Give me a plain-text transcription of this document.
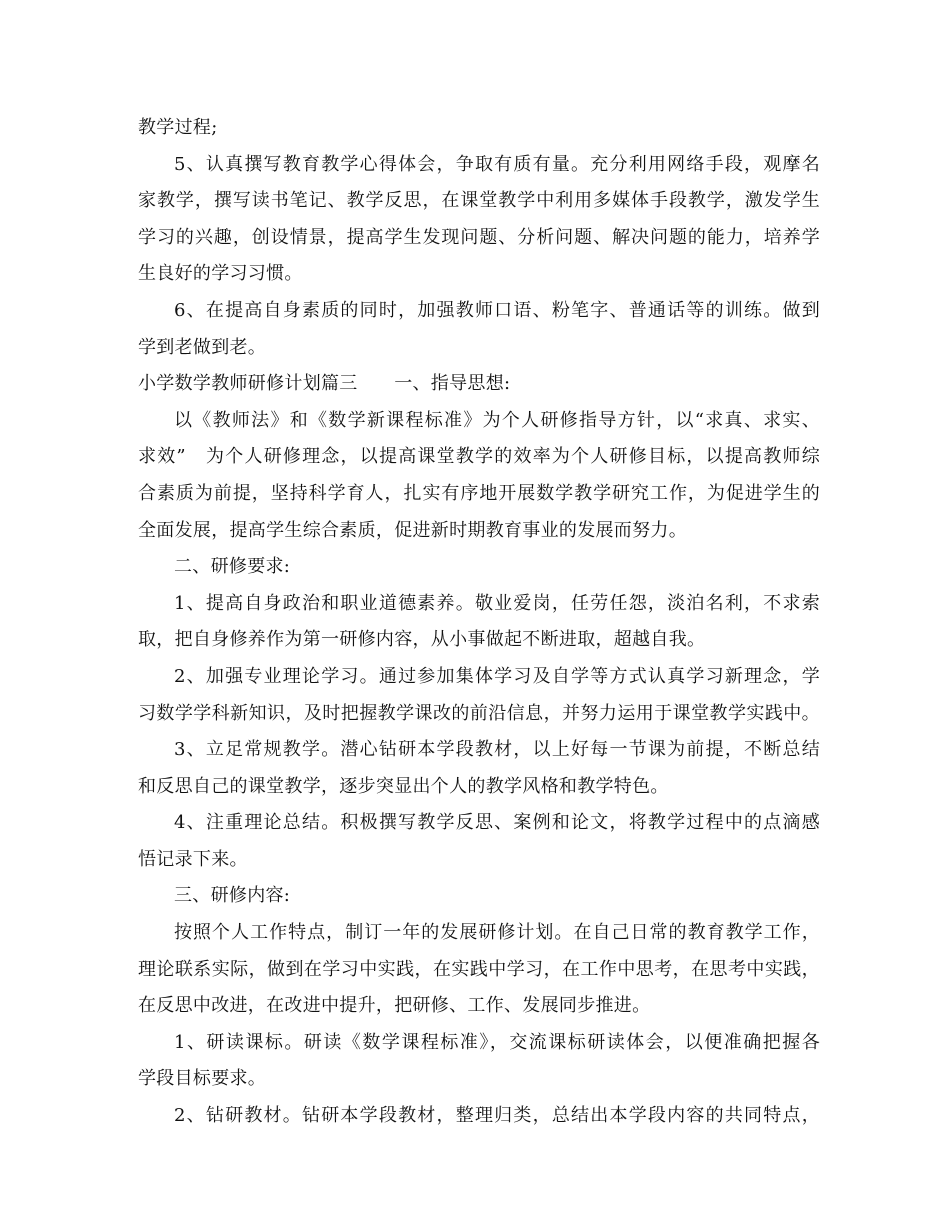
教学过程;
5、认真撰写教育教学心得体会，争取有质有量。充分利用网络手段，观摩名
家教学，撰写读书笔记、教学反思，在课堂教学中利用多媒体手段教学，激发学生
学习的兴趣，创设情景，提高学生发现问题、分析问题、解决问题的能力，培养学
生良好的学习习惯。
6、在提高自身素质的同时，加强教师口语、粉笔字、普通话等的训练。做到
学到老做到老。
小学数学教师研修计划篇三　　一、指导思想:
以《教师法》和《数学新课程标准》为个人研修指导方针，以“求真、求实、
求效”　为个人研修理念，以提高课堂教学的效率为个人研修目标，以提高教师综
合素质为前提，坚持科学育人，扎实有序地开展数学教学研究工作，为促进学生的
全面发展，提高学生综合素质，促进新时期教育事业的发展而努力。
二、研修要求:
1、提高自身政治和职业道德素养。敬业爱岗，任劳任怨，淡泊名利，不求索
取，把自身修养作为第一研修内容，从小事做起不断进取，超越自我。
2、加强专业理论学习。通过参加集体学习及自学等方式认真学习新理念，学
习数学学科新知识，及时把握教学课改的前沿信息，并努力运用于课堂教学实践中。
3、立足常规教学。潜心钻研本学段教材，以上好每一节课为前提，不断总结
和反思自己的课堂教学，逐步突显出个人的教学风格和教学特色。
4、注重理论总结。积极撰写教学反思、案例和论文，将教学过程中的点滴感
悟记录下来。
三、研修内容:
按照个人工作特点，制订一年的发展研修计划。在自己日常的教育教学工作，
理论联系实际，做到在学习中实践，在实践中学习，在工作中思考，在思考中实践，
在反思中改进，在改进中提升，把研修、工作、发展同步推进。
1、研读课标。研读《数学课程标准》，交流课标研读体会，以便准确把握各
学段目标要求。
2、钻研教材。钻研本学段教材，整理归类，总结出本学段内容的共同特点，
